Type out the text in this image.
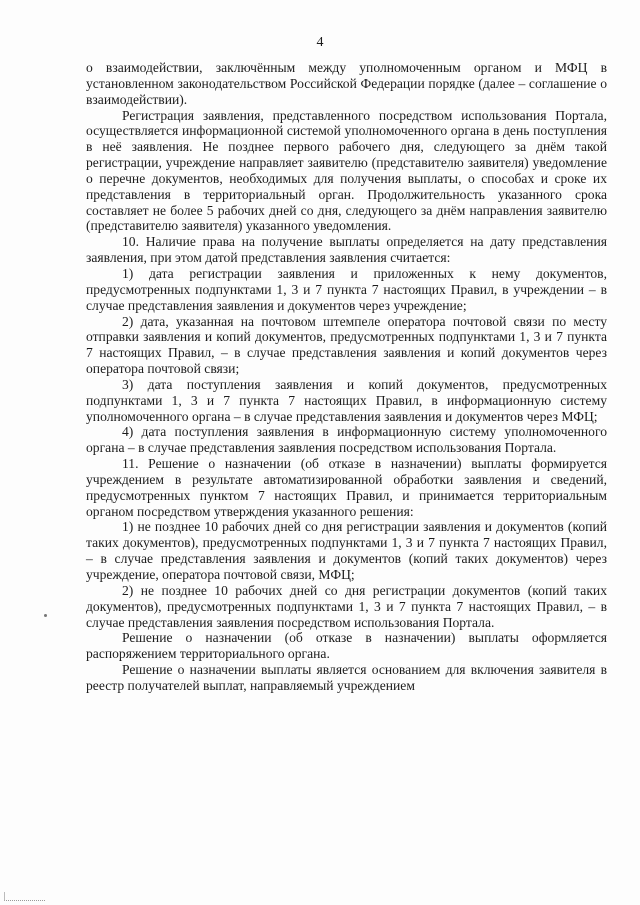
4

о взаимодействии, заключённым между уполномоченным органом и МФЦ в установленном законодательством Российской Федерации порядке (далее – соглашение о взаимодействии).

Регистрация заявления, представленного посредством использования Портала, осуществляется информационной системой уполномоченного органа в день поступления в неё заявления. Не позднее первого рабочего дня, следующего за днём такой регистрации, учреждение направляет заявителю (представителю заявителя) уведомление о перечне документов, необходимых для получения выплаты, о способах и сроке их представления в территориальный орган. Продолжительность указанного срока составляет не более 5 рабочих дней со дня, следующего за днём направления заявителю (представителю заявителя) указанного уведомления.

10. Наличие права на получение выплаты определяется на дату представления заявления, при этом датой представления заявления считается:

1) дата регистрации заявления и приложенных к нему документов, предусмотренных подпунктами 1, 3 и 7 пункта 7 настоящих Правил, в учреждении – в случае представления заявления и документов через учреждение;

2) дата, указанная на почтовом штемпеле оператора почтовой связи по месту отправки заявления и копий документов, предусмотренных подпунктами 1, 3 и 7 пункта 7 настоящих Правил, – в случае представления заявления и копий документов через оператора почтовой связи;

3) дата поступления заявления и копий документов, предусмотренных подпунктами 1, 3 и 7 пункта 7 настоящих Правил, в информационную систему уполномоченного органа – в случае представления заявления и документов через МФЦ;

4) дата поступления заявления в информационную систему уполномоченного органа – в случае представления заявления посредством использования Портала.

11. Решение о назначении (об отказе в назначении) выплаты формируется учреждением в результате автоматизированной обработки заявления и сведений, предусмотренных пунктом 7 настоящих Правил, и принимается территориальным органом посредством утверждения указанного решения:

1) не позднее 10 рабочих дней со дня регистрации заявления и документов (копий таких документов), предусмотренных подпунктами 1, 3 и 7 пункта 7 настоящих Правил, – в случае представления заявления и документов (копий таких документов) через учреждение, оператора почтовой связи, МФЦ;

2) не позднее 10 рабочих дней со дня регистрации документов (копий таких документов), предусмотренных подпунктами 1, 3 и 7 пункта 7 настоящих Правил, – в случае представления заявления посредством использования Портала.

Решение о назначении (об отказе в назначении) выплаты оформляется распоряжением территориального органа.

Решение о назначении выплаты является основанием для включения заявителя в реестр получателей выплат, направляемый учреждением
